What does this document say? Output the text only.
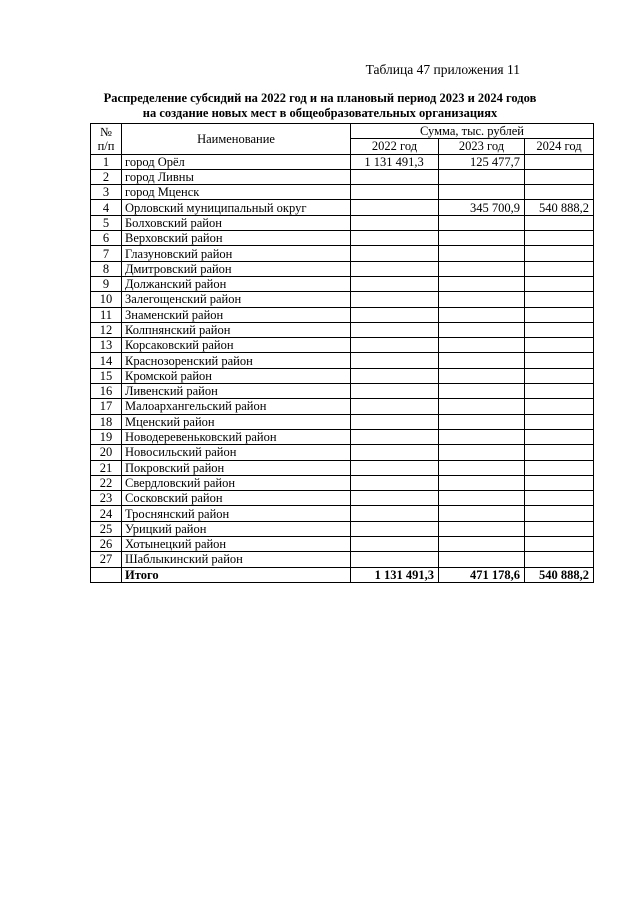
Таблица 47 приложения 11
Распределение субсидий на 2022 год и на плановый период 2023 и 2024 годов
на создание новых мест в общеобразовательных организациях
№
п/п	Наименование	Сумма, тыс. рублей		
		2022 год	2023 год	2024 год
1	город Орёл	1 131 491,3	125 477,7	
2	город Ливны			
3	город Мценск			
4	Орловский муниципальный округ		345 700,9	540 888,2
5	Болховский район			
6	Верховский район			
7	Глазуновский район			
8	Дмитровский район			
9	Должанский район			
10	Залегощенский район			
11	Знаменский район			
12	Колпнянский район			
13	Корсаковский район			
14	Краснозоренский район			
15	Кромской район			
16	Ливенский район			
17	Малоархангельский район			
18	Мценский район			
19	Новодеревеньковский район			
20	Новосильский район			
21	Покровский район			
22	Свердловский район			
23	Сосковский район			
24	Троснянский район			
25	Урицкий район			
26	Хотынецкий район			
27	Шаблыкинский район			
	Итого	1 131 491,3	471 178,6	540 888,2
